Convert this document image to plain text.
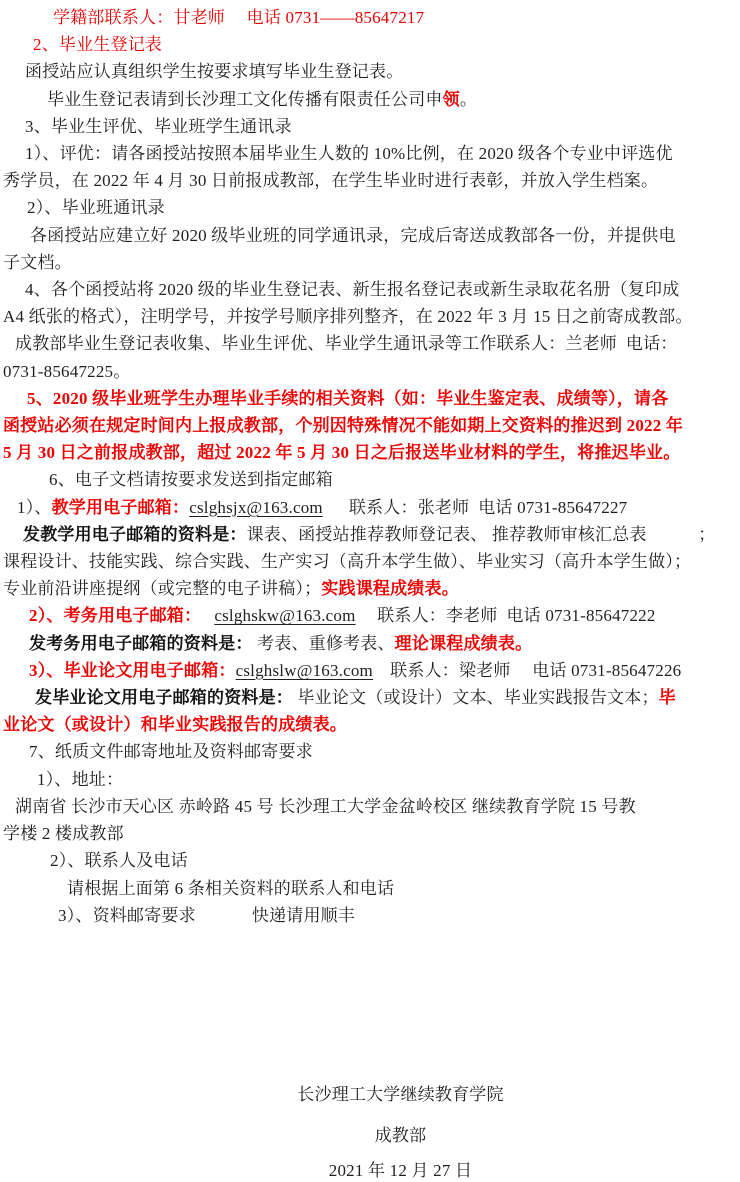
学籍部联系人：甘老师　 电话 0731——85647217

2、毕业生登记表

函授站应认真组织学生按要求填写毕业生登记表。

毕业生登记表请到长沙理工文化传播有限责任公司申领。

3、毕业生评优、毕业班学生通讯录

1）、评优：请各函授站按照本届毕业生人数的 10%比例，在 2020 级各个专业中评选优

秀学员，在 2022 年 4 月 30 日前报成教部，在学生毕业时进行表彰，并放入学生档案。

2）、毕业班通讯录

各函授站应建立好 2020 级毕业班的同学通讯录，完成后寄送成教部各一份，并提供电

子文档。

4、各个函授站将 2020 级的毕业生登记表、新生报名登记表或新生录取花名册（复印成

A4 纸张的格式），注明学号，并按学号顺序排列整齐，在 2022 年 3 月 15 日之前寄成教部。

成教部毕业生登记表收集、毕业生评优、毕业学生通讯录等工作联系人：兰老师  电话：

0731-85647225。

5、2020 级毕业班学生办理毕业手续的相关资料（如：毕业生鉴定表、成绩等），请各

函授站必须在规定时间内上报成教部，个别因特殊情况不能如期上交资料的推迟到 2022 年

5 月 30 日之前报成教部，超过 2022 年 5 月 30 日之后报送毕业材料的学生，将推迟毕业。

6、电子文档请按要求发送到指定邮箱

1）、教学用电子邮箱：cslghsjx@163.com　  联系人：张老师  电话 0731-85647227

发教学用电子邮箱的资料是：课表、函授站推荐教师登记表、 推荐教师审核汇总表　　　；

课程设计、技能实践、综合实践、生产实习（高升本学生做）、毕业实习（高升本学生做）；

专业前沿讲座提纲（或完整的电子讲稿）；实践课程成绩表。

2）、考务用电子邮箱：　 cslghskw@163.com　 联系人：李老师  电话 0731-85647222

发考务用电子邮箱的资料是： 考表、重修考表、理论课程成绩表。

3）、毕业论文用电子邮箱：cslghslw@163.com　联系人：梁老师　 电话 0731-85647226

发毕业论文用电子邮箱的资料是： 毕业论文（或设计）文本、毕业实践报告文本；毕

业论文（或设计）和毕业实践报告的成绩表。

7、纸质文件邮寄地址及资料邮寄要求

1）、地址：

湖南省 长沙市天心区 赤岭路 45 号 长沙理工大学金盆岭校区 继续教育学院 15 号教

学楼 2 楼成教部

2）、联系人及电话

请根据上面第 6 条相关资料的联系人和电话

3）、资料邮寄要求　　　 快递请用顺丰

长沙理工大学继续教育学院

成教部

2021 年 12 月 27 日
